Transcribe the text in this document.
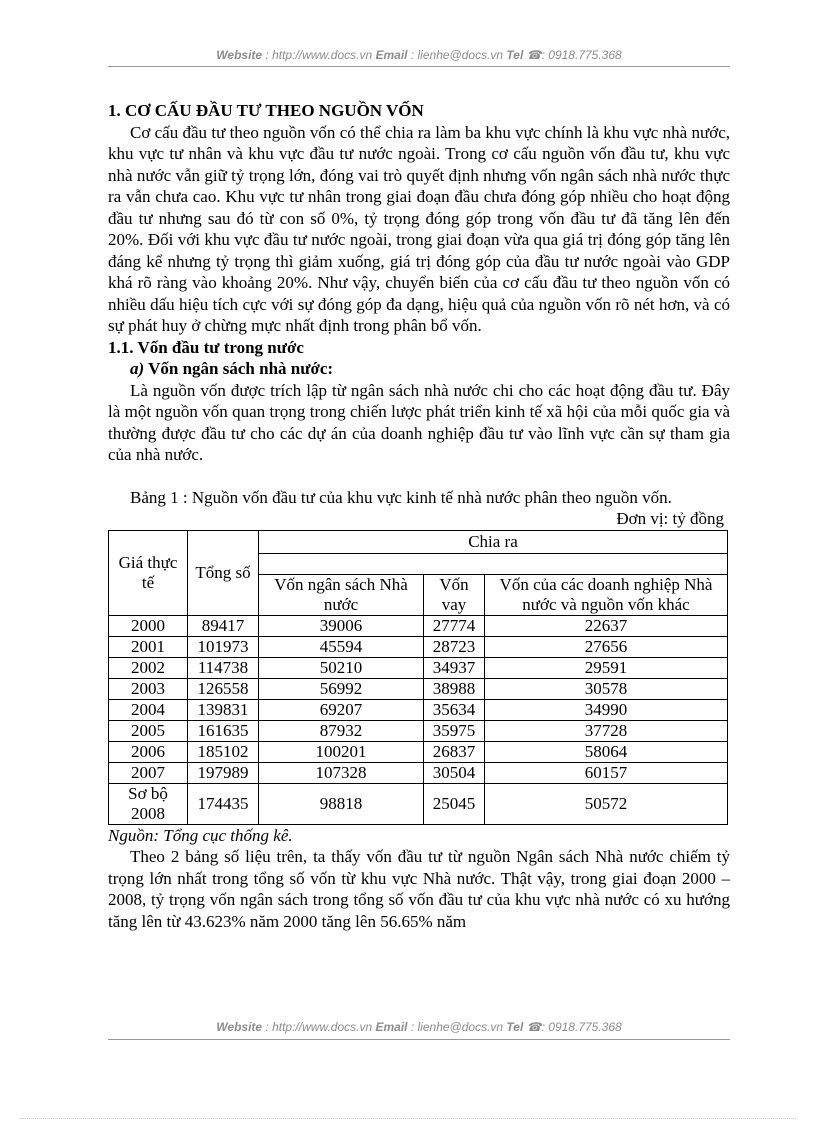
Website : http://www.docs.vn Email : lienhe@docs.vn Tel ☎: 0918.775.368
1. CƠ CẤU ĐẦU TƯ THEO NGUỒN VỐN

Cơ cấu đầu tư theo nguồn vốn có thể chia ra làm ba khu vực chính là khu vực nhà nước, khu vực tư nhân và khu vực đầu tư nước ngoài. Trong cơ cấu nguồn vốn đầu tư, khu vực nhà nước vẫn giữ tỷ trọng lớn, đóng vai trò quyết định nhưng vốn ngân sách nhà nước thực ra vẫn chưa cao. Khu vực tư nhân trong giai đoạn đầu chưa đóng góp nhiều cho hoạt động đầu tư nhưng sau đó từ con số 0%, tỷ trọng đóng góp trong vốn đầu tư đã tăng lên đến 20%. Đối với khu vực đầu tư nước ngoài, trong giai đoạn vừa qua giá trị đóng góp tăng lên đáng kể nhưng tỷ trọng thì giảm xuống, giá trị đóng góp của đầu tư nước ngoài vào GDP khá rõ ràng vào khoảng 20%. Như vậy, chuyển biến của cơ cấu đầu tư theo nguồn vốn có nhiều dấu hiệu tích cực với sự đóng góp đa dạng, hiệu quả của nguồn vốn rõ nét hơn, và có sự phát huy ở chừng mực nhất định trong phân bổ vốn.

1.1. Vốn đầu tư trong nước
a) Vốn ngân sách nhà nước:

Là nguồn vốn được trích lập từ ngân sách nhà nước chi cho các hoạt động đầu tư. Đây là một nguồn vốn quan trọng trong chiến lược phát triển kinh tế xã hội của mỗi quốc gia và thường được đầu tư cho các dự án của doanh nghiệp đầu tư vào lĩnh vực cần sự tham gia của nhà nước.

Bảng 1 : Nguồn vốn đầu tư của khu vực kinh tế nhà nước phân theo nguồn vốn.

Đơn vị: tỷ đồng
Giá thực tế	Tổng số	Chia ra		

		Vốn ngân sách Nhà nước	Vốn vay	Vốn của các doanh nghiệp Nhà nước và nguồn vốn khác
2000	89417	39006	27774	22637
2001	101973	45594	28723	27656
2002	114738	50210	34937	29591
2003	126558	56992	38988	30578
2004	139831	69207	35634	34990
2005	161635	87932	35975	37728
2006	185102	100201	26837	58064
2007	197989	107328	30504	60157
Sơ bộ 2008	174435	98818	25045	50572
Nguồn: Tổng cục thống kê.

Theo 2 bảng số liệu trên, ta thấy vốn đầu tư từ nguồn Ngân sách Nhà nước chiếm tỷ trọng lớn nhất trong tổng số vốn từ khu vực Nhà nước. Thật vậy, trong giai đoạn 2000 – 2008, tỷ trọng vốn ngân sách trong tổng số vốn đầu tư của khu vực nhà nước có xu hướng tăng lên từ 43.623% năm 2000 tăng lên 56.65% năm

Website : http://www.docs.vn Email : lienhe@docs.vn Tel ☎: 0918.775.368
